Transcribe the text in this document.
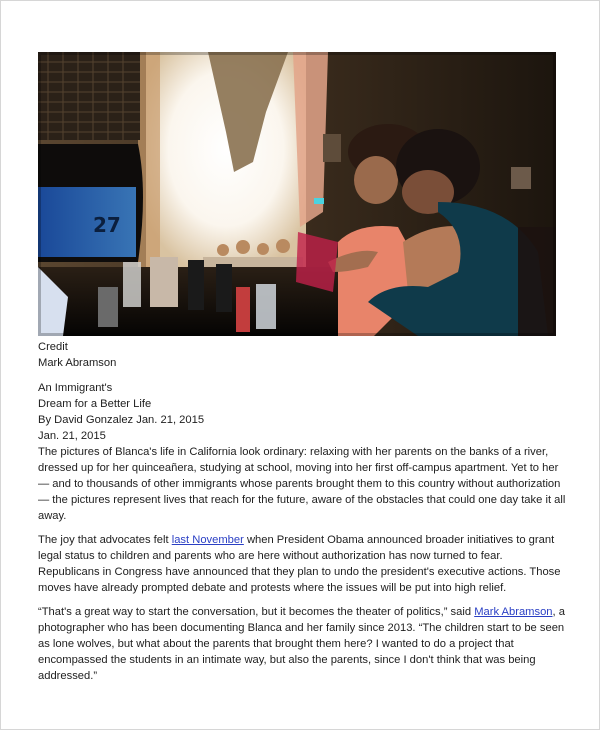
27

Credit

Mark Abramson

An Immigrant's

Dream for a Better Life

By David Gonzalez Jan. 21, 2015

Jan. 21, 2015

The pictures of Blanca's life in California look ordinary: relaxing with her parents on the banks of a river, dressed up for her quinceañera, studying at school, moving into her first off-campus apartment. Yet to her — and to thousands of other immigrants whose parents brought them to this country without authorization — the pictures represent lives that reach for the future, aware of the obstacles that could one day take it all away.

The joy that advocates felt last November when President Obama announced broader initiatives to grant legal status to children and parents who are here without authorization has now turned to fear. Republicans in Congress have announced that they plan to undo the president's executive actions. Those moves have already prompted debate and protests where the issues will be put into high relief.

“That's a great way to start the conversation, but it becomes the theater of politics,” said Mark Abramson, a photographer who has been documenting Blanca and her family since 2013. “The children start to be seen as lone wolves, but what about the parents that brought them here? I wanted to do a project that encompassed the students in an intimate way, but also the parents, since I don't think that was being addressed.”
